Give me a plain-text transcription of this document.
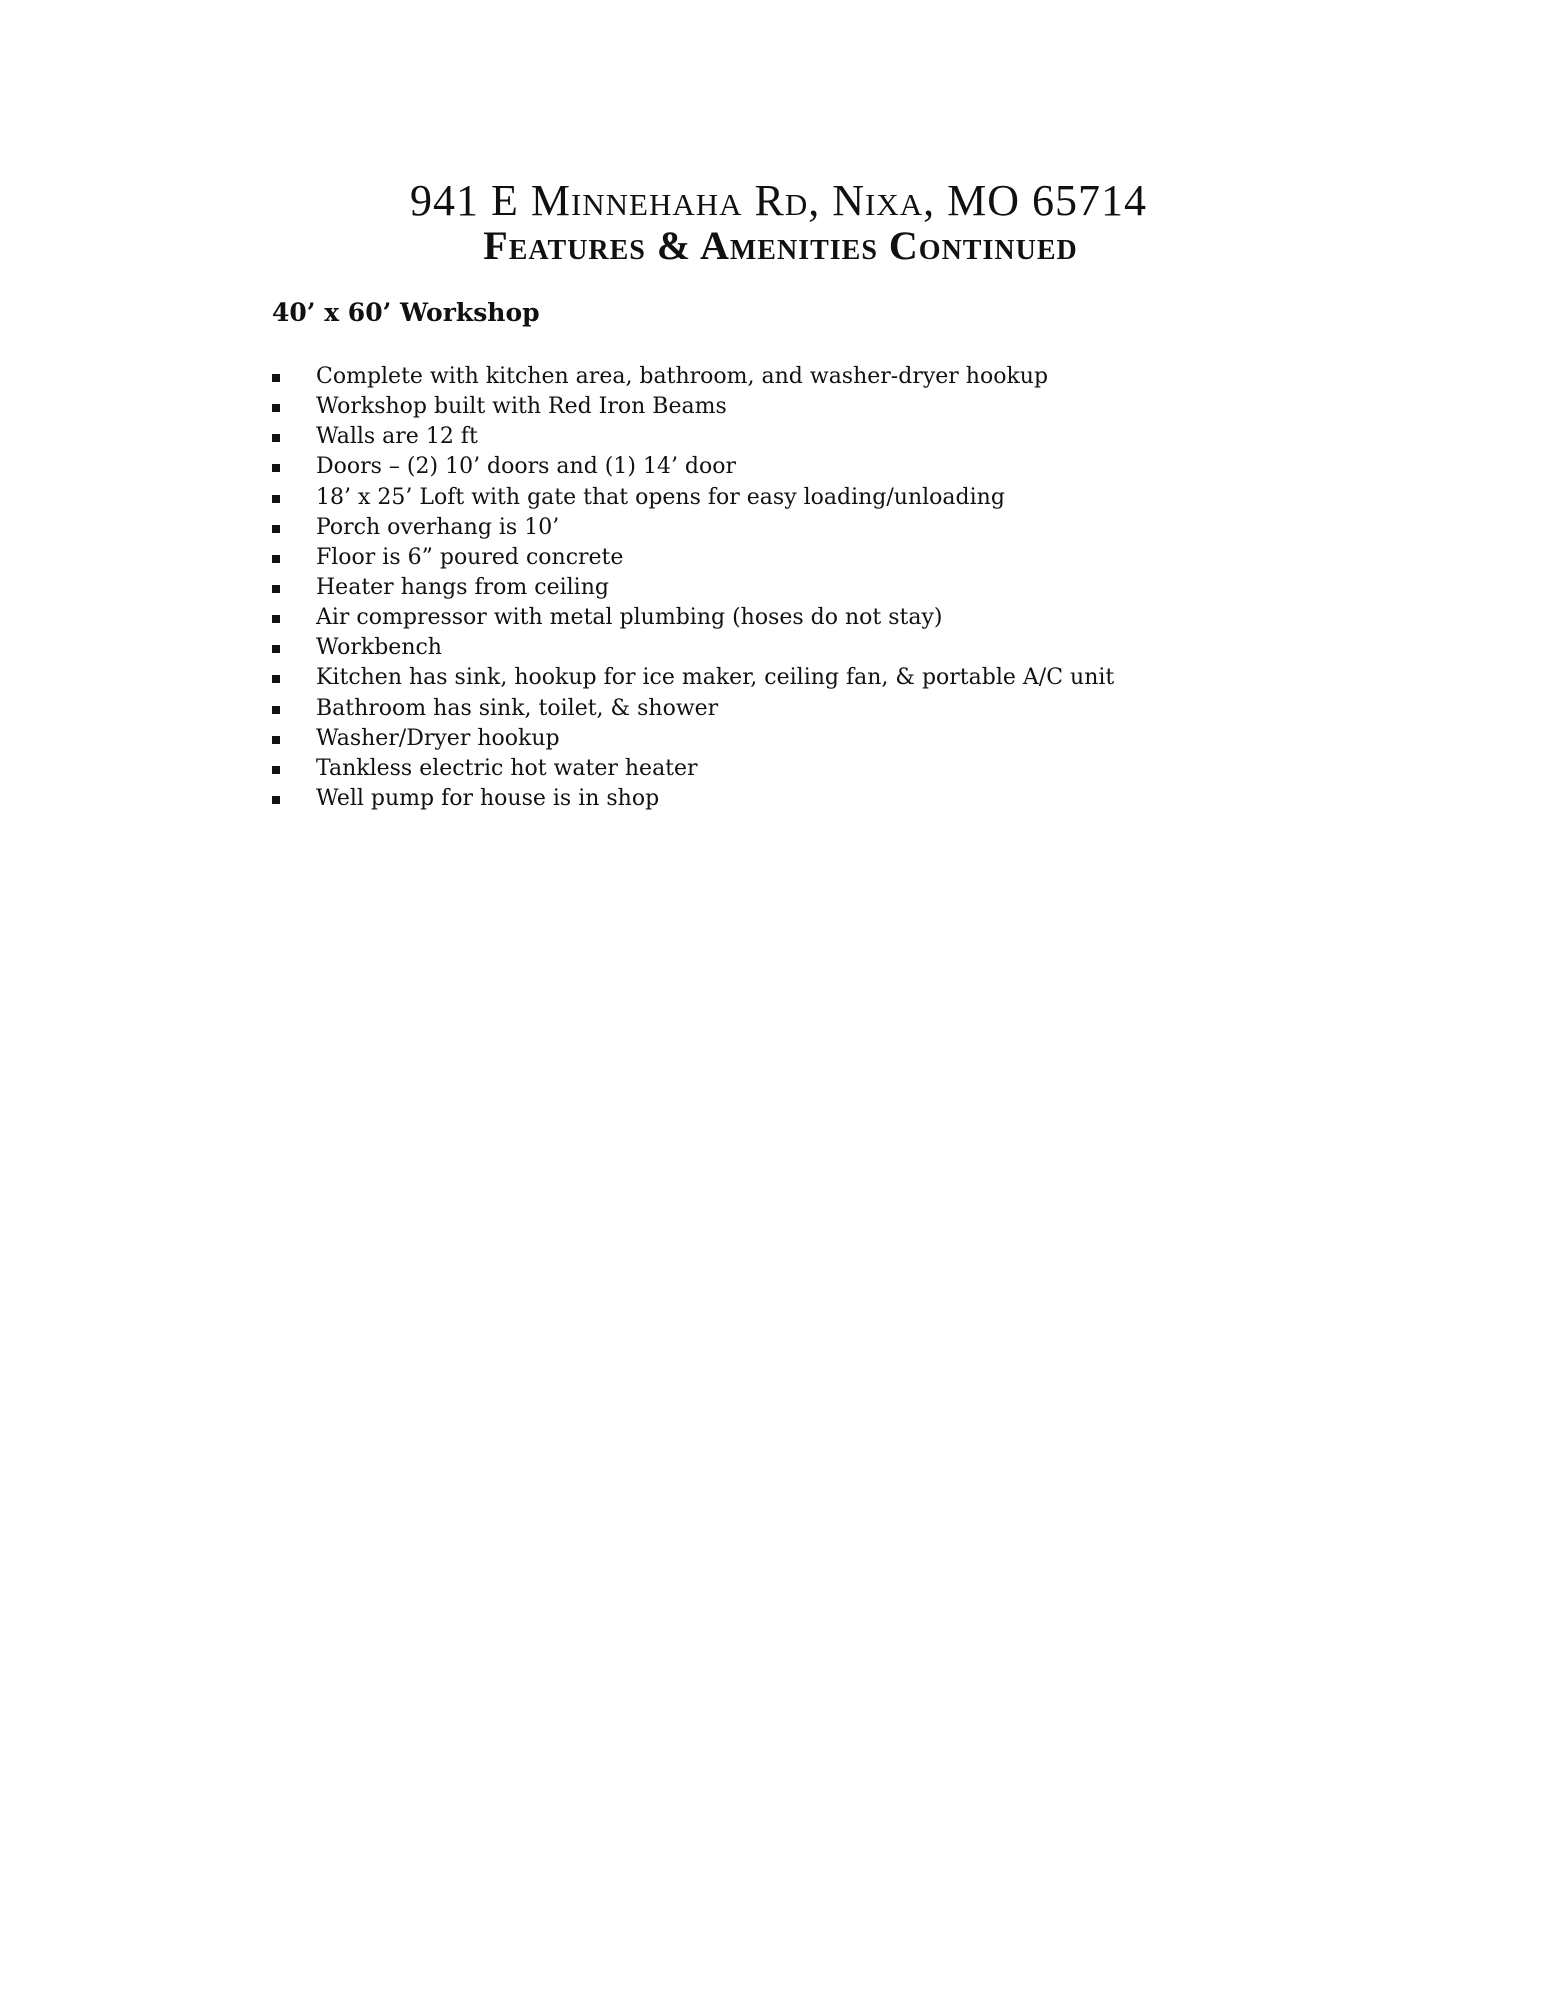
941 E Minnehaha Rd, Nixa, MO 65714
Features & Amenities Continued
40’ x 60’ Workshop
Complete with kitchen area, bathroom, and washer-dryer hookup
Workshop built with Red Iron Beams
Walls are 12 ft
Doors – (2) 10’ doors and (1) 14’ door
18’ x 25’ Loft with gate that opens for easy loading/unloading
Porch overhang is 10’
Floor is 6” poured concrete
Heater hangs from ceiling
Air compressor with metal plumbing (hoses do not stay)
Workbench
Kitchen has sink, hookup for ice maker, ceiling fan, & portable A/C unit
Bathroom has sink, toilet, & shower
Washer/Dryer hookup
Tankless electric hot water heater
Well pump for house is in shop
